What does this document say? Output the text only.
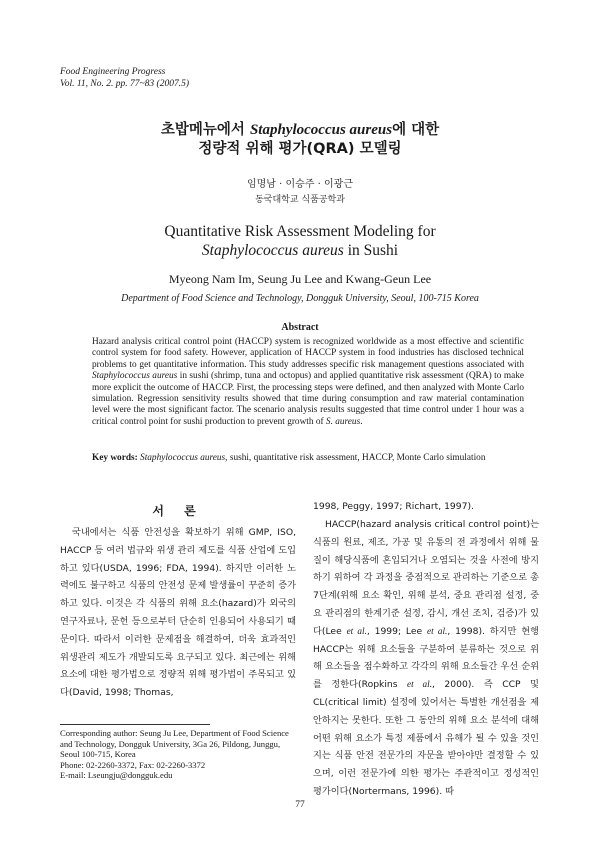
Food Engineering Progress
Vol. 11, No. 2. pp. 77~83 (2007.5)
초밥메뉴에서 Staphylococcus aureus에 대한
정량적 위해 평가(QRA) 모델링
임명남 · 이승주 · 이광근
동국대학교 식품공학과
Quantitative Risk Assessment Modeling for
Staphylococcus aureus in Sushi
Myeong Nam Im, Seung Ju Lee and Kwang-Geun Lee
Department of Food Science and Technology, Dongguk University, Seoul, 100-715 Korea
Abstract
Hazard analysis critical control point (HACCP) system is recognized worldwide as a most effective and scientific control system for food safety. However, application of HACCP system in food industries has disclosed technical problems to get quantitative information. This study addresses specific risk management questions associated with Staphylococcus aureus in sushi (shrimp, tuna and octopus) and applied quantitative risk assessment (QRA) to make more explicit the outcome of HACCP. First, the processing steps were defined, and then analyzed with Monte Carlo simulation. Regression sensitivity results showed that time during consumption and raw material contamination level were the most significant factor. The scenario analysis results suggested that time control under 1 hour was a critical control point for sushi production to prevent growth of S. aureus.
Key words: Staphylococcus aureus, sushi, quantitative risk assessment, HACCP, Monte Carlo simulation
서 론
국내에서는 식품 안전성을 확보하기 위해 GMP, ISO, HACCP 등 여러 법규와 위생 관리 제도를 식품 산업에 도입하고 있다(USDA, 1996; FDA, 1994). 하지만 이러한 노력에도 불구하고 식품의 안전성 문제 발생률이 꾸준히 증가하고 있다. 이것은 각 식품의 위해 요소(hazard)가 외국의 연구자료나, 문헌 등으로부터 단순히 인용되어 사용되기 때문이다. 따라서 이러한 문제점을 해결하여, 더욱 효과적인 위생관리 제도가 개발되도록 요구되고 있다. 최근에는 위해 요소에 대한 평가법으로 정량적 위해 평가법이 주목되고 있다(David, 1998; Thomas,
1998, Peggy, 1997; Richart, 1997).
HACCP(hazard analysis critical control point)는 식품의 원료, 제조, 가공 및 유통의 전 과정에서 위해 물질이 해당식품에 혼입되거나 오염되는 것을 사전에 방지하기 위하여 각 과정을 중점적으로 관리하는 기준으로 총 7단계(위해 요소 확인, 위해 분석, 중요 관리점 설정, 중요 관리점의 한계기준 설정, 감시, 개선 조치, 검증)가 있다(Lee et al., 1999; Lee et al., 1998). 하지만 현행 HACCP는 위해 요소들을 구분하여 분류하는 것으로 위해 요소들을 점수화하고 각각의 위해 요소들간 우선 순위를 정한다(Ropkins et al., 2000). 즉 CCP 및 CL(critical limit) 설정에 있어서는 특별한 개선점을 제안하지는 못한다. 또한 그 동안의 위해 요소 분석에 대해 어떤 위해 요소가 특정 제품에서 유해가 될 수 있을 것인지는 식품 안전 전문가의 자문을 받아야만 결정할 수 있으며, 이런 전문가에 의한 평가는 주관적이고 정성적인 평가이다(Nortermans, 1996). 따
Corresponding author: Seung Ju Lee, Department of Food Science and Technology, Dongguk University, 3Ga 26, Pildong, Junggu, Seoul 100-715, Korea
Phone: 02-2260-3372, Fax: 02-2260-3372
E-mail: Lseungju@dongguk.edu
77
